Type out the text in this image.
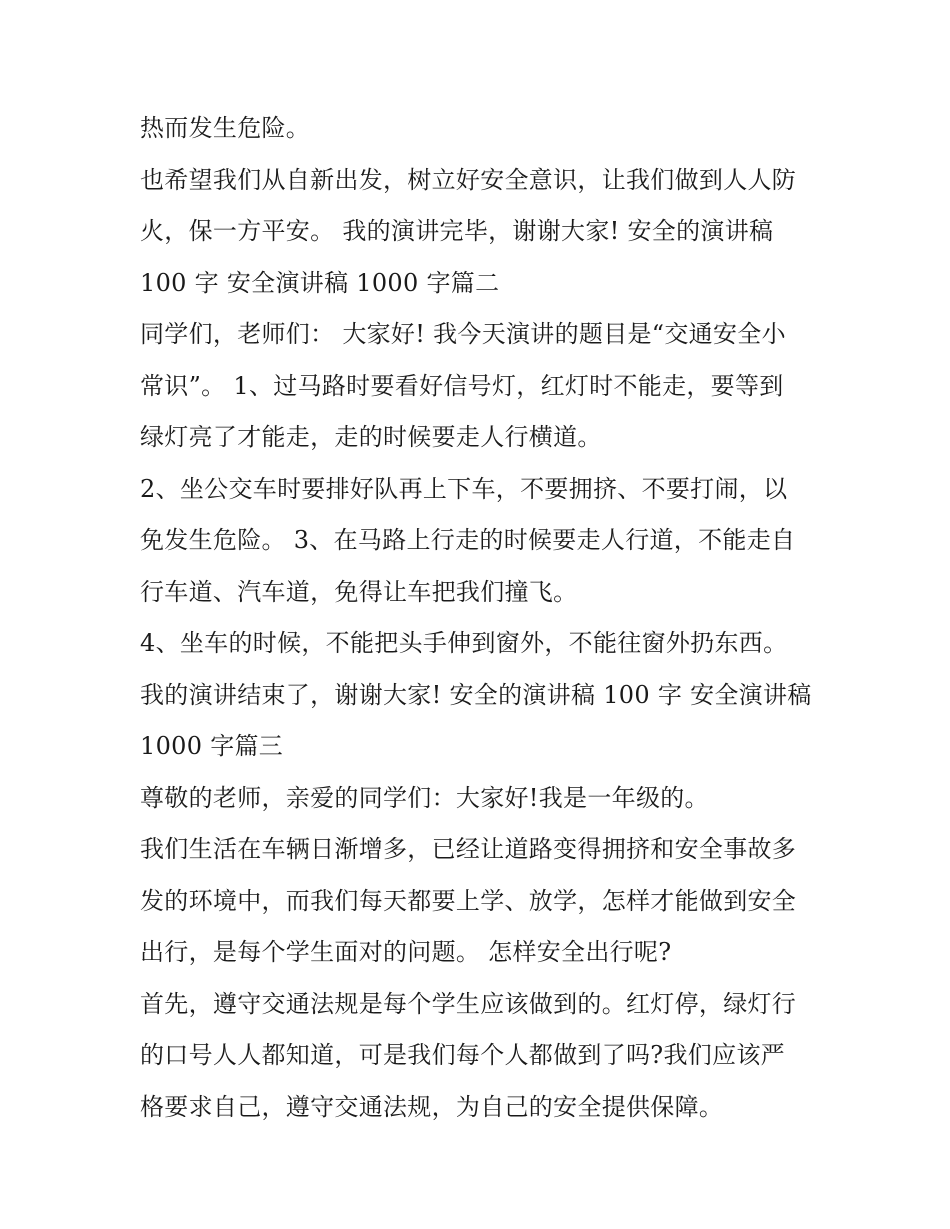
热而发生危险。
也希望我们从自新出发，树立好安全意识，让我们做到人人防
火，保一方平安。 我的演讲完毕，谢谢大家! 安全的演讲稿
100 字 安全演讲稿 1000 字篇二
同学们，老师们： 大家好! 我今天演讲的题目是“交通安全小
常识”。 1、过马路时要看好信号灯，红灯时不能走，要等到
绿灯亮了才能走，走的时候要走人行横道。
2、坐公交车时要排好队再上下车，不要拥挤、不要打闹，以
免发生危险。 3、在马路上行走的时候要走人行道，不能走自
行车道、汽车道，免得让车把我们撞飞。
4、坐车的时候，不能把头手伸到窗外，不能往窗外扔东西。
我的演讲结束了，谢谢大家! 安全的演讲稿 100 字 安全演讲稿
1000 字篇三
尊敬的老师，亲爱的同学们：大家好!我是一年级的。
我们生活在车辆日渐增多，已经让道路变得拥挤和安全事故多
发的环境中，而我们每天都要上学、放学，怎样才能做到安全
出行，是每个学生面对的问题。 怎样安全出行呢?
首先，遵守交通法规是每个学生应该做到的。红灯停，绿灯行
的口号人人都知道，可是我们每个人都做到了吗?我们应该严
格要求自己，遵守交通法规，为自己的安全提供保障。
